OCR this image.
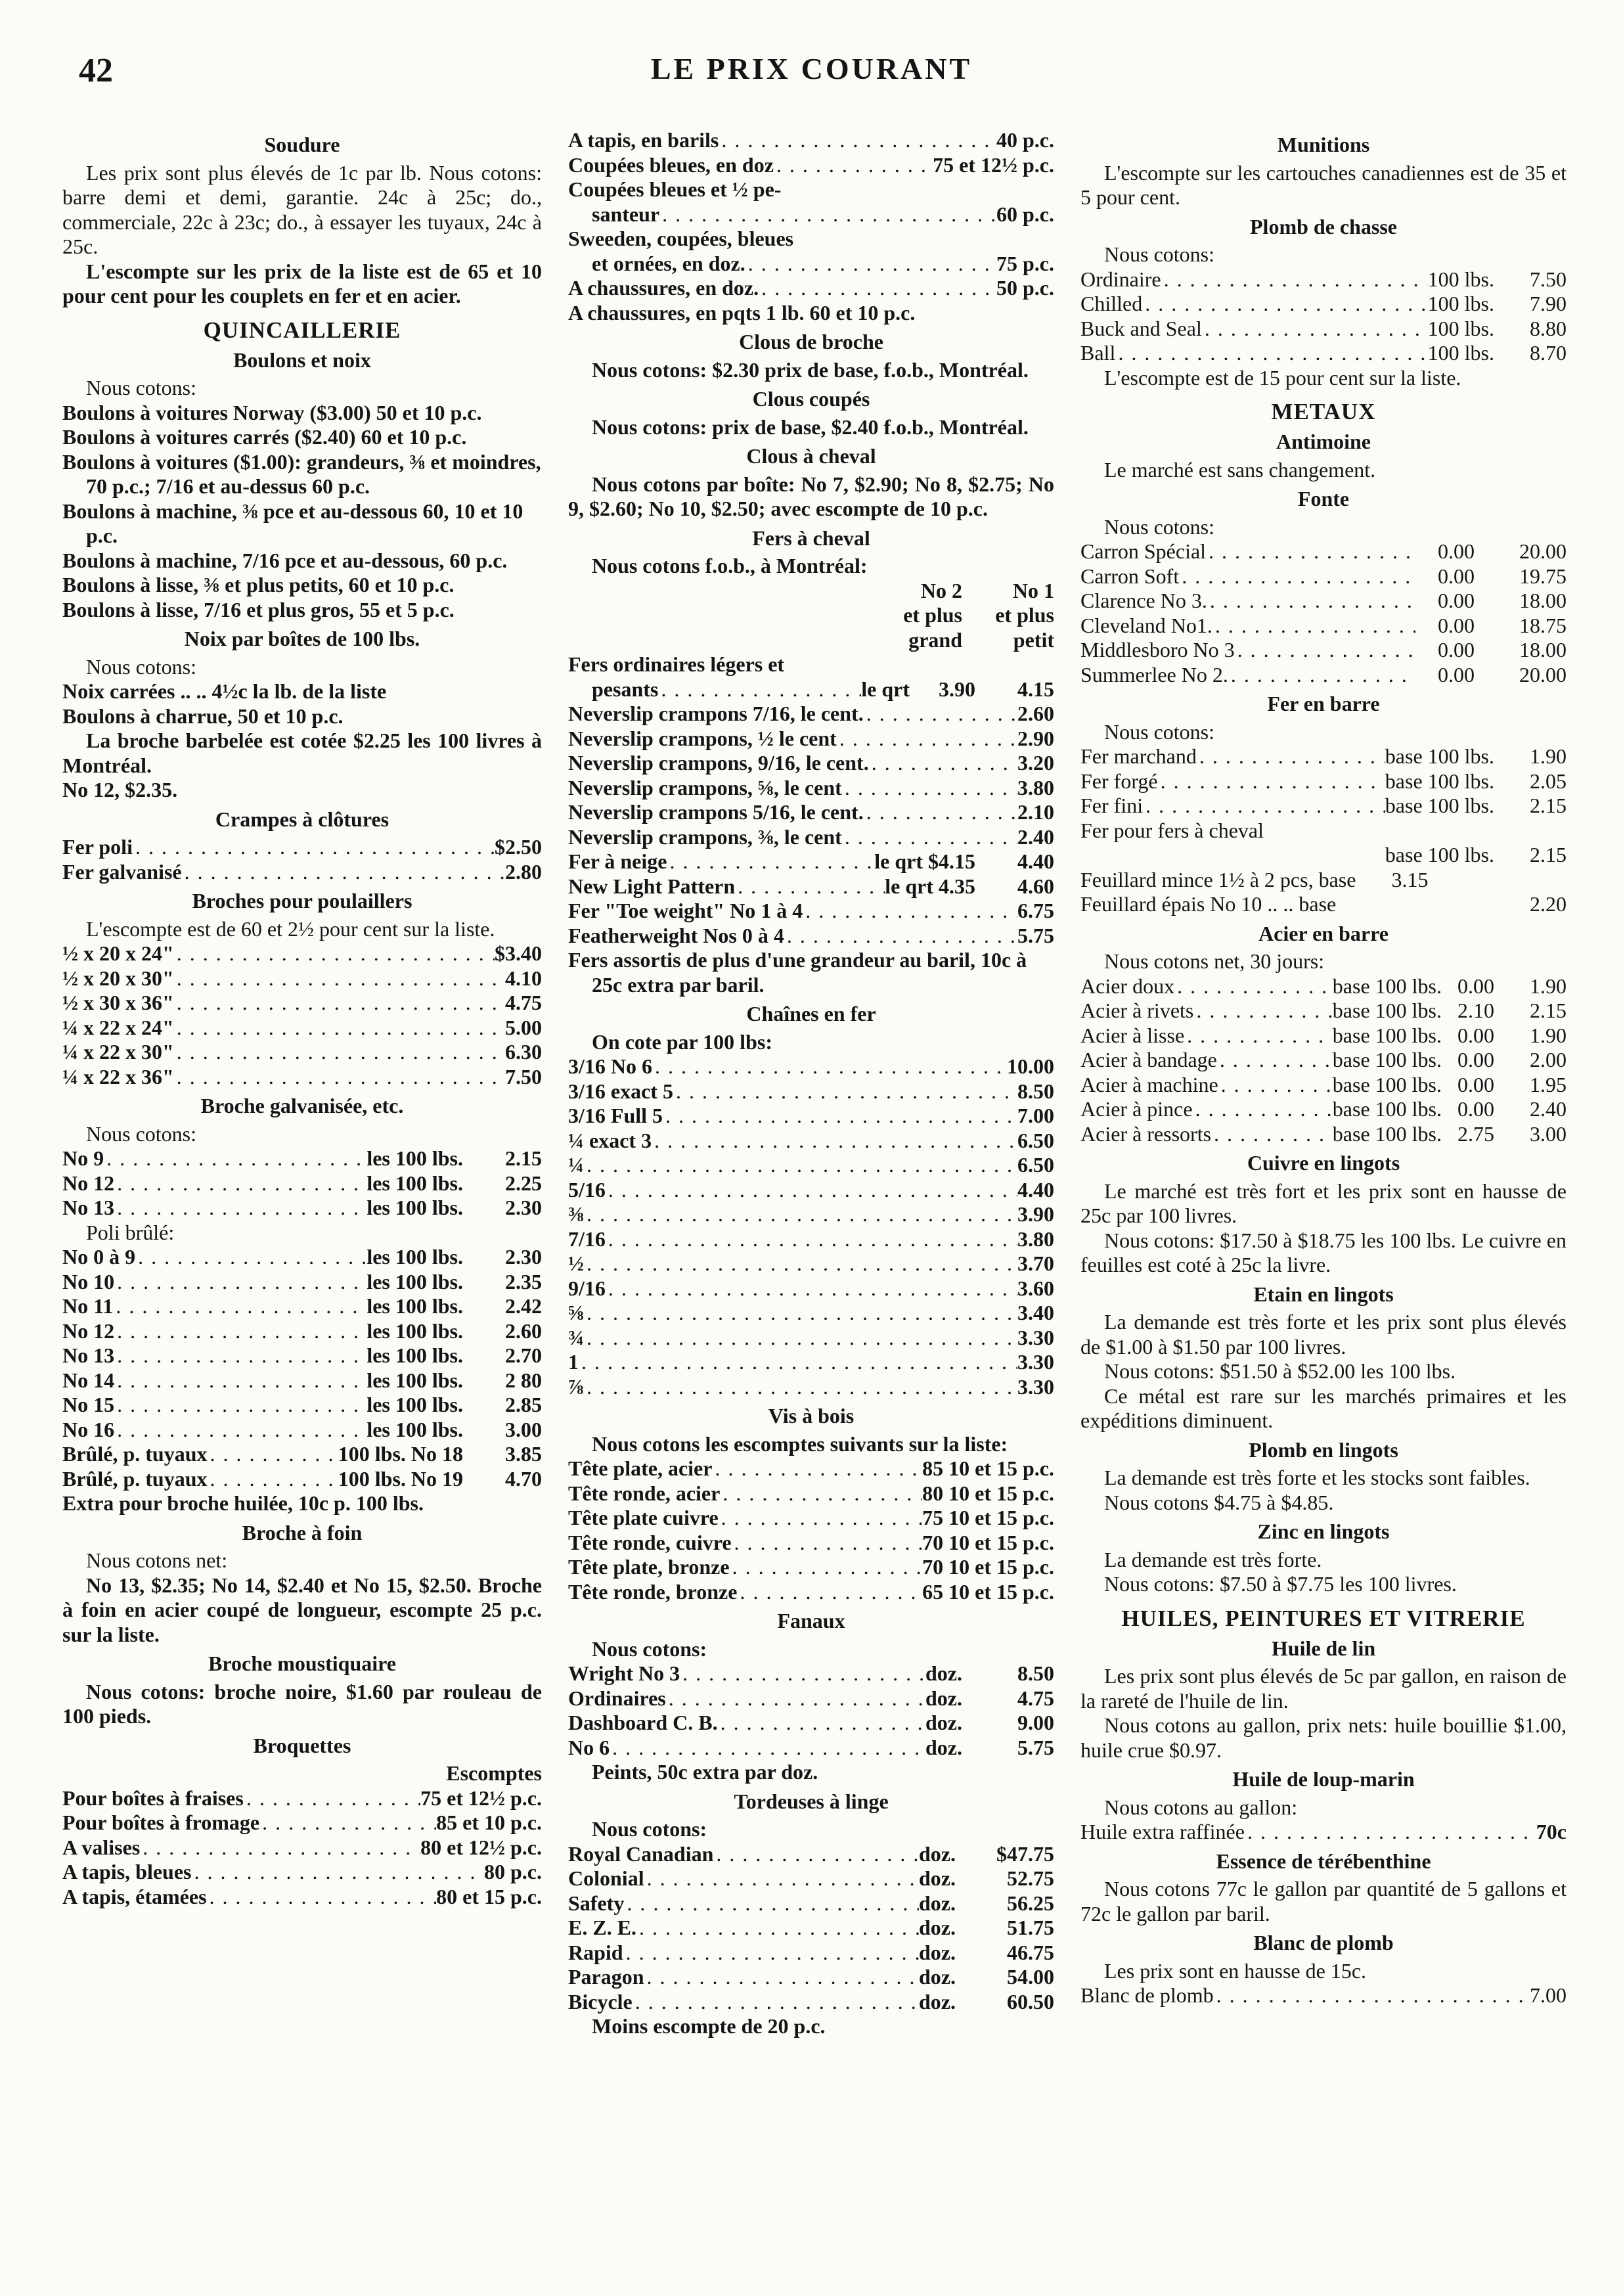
42	LE PRIX COURANT
Soudure
Les prix sont plus élevés de 1c par lb. Nous cotons: barre demi et demi, garantie. 24c à 25c; do., commerciale, 22c à 23c; do., à essayer les tuyaux, 24c à 25c.
L'escompte sur les prix de la liste est de 65 et 10 pour cent pour les couplets en fer et en acier.
QUINCAILLERIE
Boulons et noix
Nous cotons:
Boulons à voitures Norway ($3.00) 50 et 10 p.c.
Boulons à voitures carrés ($2.40) 60 et 10 p.c.
Boulons à voitures ($1.00): grandeurs, ⅜ et moindres, 70 p.c.; 7/16 et au-dessus 60 p.c.
Boulons à machine, ⅜ pce et au-dessous 60, 10 et 10 p.c.
Boulons à machine, 7/16 pce et au-dessous, 60 p.c.
Boulons à lisse, ⅜ et plus petits, 60 et 10 p.c.
Boulons à lisse, 7/16 et plus gros, 55 et 5 p.c.
Noix par boîtes de 100 lbs.
Nous cotons:
Noix carrées .. .. 4½c la lb. de la liste
Boulons à charrue, 50 et 10 p.c.
La broche barbelée est cotée $2.25 les 100 livres à Montréal.
No 12, $2.35.
Crampes à clôtures
Fer poli . . .	$2.50
Fer galvanisé . . .	2.80
Broches pour poulaillers
L'escompte est de 60 et 2½ pour cent sur la liste.
½ x 20 x 24" . . .	$3.40
½ x 20 x 30" . . .	4.10
½ x 30 x 36" . . .	4.75
¼ x 22 x 24" . . .	5.00
¼ x 22 x 30" . . .	6.30
¼ x 22 x 36" . . .	7.50
Broche galvanisée, etc.
Nous cotons:
No 9 . . .	les 100 lbs.	2.15
No 12 . . .	les 100 lbs.	2.25
No 13 . . .	les 100 lbs.	2.30
Poli brûlé:
No 0 à 9 . . .	les 100 lbs.	2.30
No 10 . . .	les 100 lbs.	2.35
No 11 . . .	les 100 lbs.	2.42
No 12 . . .	les 100 lbs.	2.60
No 13 . . .	les 100 lbs.	2.70
No 14 . . .	les 100 lbs.	2 80
No 15 . . .	les 100 lbs.	2.85
No 16 . . .	les 100 lbs.	3.00
Brûlé, p. tuyaux . . .	100 lbs. No 18	3.85
Brûlé, p. tuyaux . . .	100 lbs. No 19	4.70
Extra pour broche huilée, 10c p. 100 lbs.
Broche à foin
Nous cotons net:
No 13, $2.35; No 14, $2.40 et No 15, $2.50. Broche à foin en acier coupé de longueur, escompte 25 p.c. sur la liste.
Broche moustiquaire
Nous cotons: broche noire, $1.60 par rouleau de 100 pieds.
Broquettes
Escomptes
Pour boîtes à fraises . . .	75 et 12½ p.c.
Pour boîtes à fromage . . .	85 et 10 p.c.
A valises . . .	80 et 12½ p.c.
A tapis, bleues . . .	80 p.c.
A tapis, étamées . . .	80 et 15 p.c.
A tapis, en barils . . .	40 p.c.
Coupées bleues, en doz . . .	75 et 12½ p.c.
Coupées bleues et ½ pe-
santeur . . .	60 p.c.
Sweeden, coupées, bleues
et ornées, en doz. . . .	75 p.c.
A chaussures, en doz. . . .	50 p.c.
A chaussures, en pqts 1 lb. 60 et 10 p.c.
Clous de broche
Nous cotons: $2.30 prix de base, f.o.b., Montréal.
Clous coupés
Nous cotons: prix de base, $2.40 f.o.b., Montréal.
Clous à cheval
Nous cotons par boîte: No 7, $2.90; No 8, $2.75; No 9, $2.60; No 10, $2.50; avec escompte de 10 p.c.
Fers à cheval
Nous cotons f.o.b., à Montréal:
No 2	No 1
et plus	et plus
grand	petit
Fers ordinaires légers et
pesants . . .	le qrt	3.90	4.15
Neverslip crampons 7/16, le cent. . . .	2.60
Neverslip crampons, ½ le cent . . .	2.90
Neverslip crampons, 9/16, le cent. . . .	3.20
Neverslip crampons, ⅝, le cent . . .	3.80
Neverslip crampons 5/16, le cent. . . .	2.10
Neverslip crampons, ⅜, le cent . . .	2.40
Fer à neige . . .	le qrt $4.15	4.40
New Light Pattern . . .	le qrt 4.35	4.60
Fer "Toe weight" No 1 à 4 . . .	6.75
Featherweight Nos 0 à 4 . . .	5.75
Fers assortis de plus d'une grandeur au baril, 10c à 25c extra par baril.
Chaînes en fer
On cote par 100 lbs:
3/16 No 6 . . .	10.00
3/16 exact 5 . . .	8.50
3/16 Full 5 . . .	7.00
¼ exact 3 . . .	6.50
¼ . . .	6.50
5/16 . . .	4.40
⅜ . . .	3.90
7/16 . . .	3.80
½ . . .	3.70
9/16 . . .	3.60
⅝ . . .	3.40
¾ . . .	3.30
1 . . .	3.30
⅞ . . .	3.30
Vis à bois
Nous cotons les escomptes suivants sur la liste:
Tête plate, acier . . .	85 10 et 15 p.c.
Tête ronde, acier . . .	80 10 et 15 p.c.
Tête plate cuivre . . .	75 10 et 15 p.c.
Tête ronde, cuivre . . .	70 10 et 15 p.c.
Tête plate, bronze . . .	70 10 et 15 p.c.
Tête ronde, bronze . . .	65 10 et 15 p.c.
Fanaux
Nous cotons:
Wright No 3 . . .	doz.	8.50
Ordinaires . . .	doz.	4.75
Dashboard C. B. . . .	doz.	9.00
No 6 . . .	doz.	5.75
Peints, 50c extra par doz.
Tordeuses à linge
Nous cotons:
Royal Canadian . . .	doz.	$47.75
Colonial . . .	doz.	52.75
Safety . . .	doz.	56.25
E. Z. E. . . .	doz.	51.75
Rapid . . .	doz.	46.75
Paragon . . .	doz.	54.00
Bicycle . . .	doz.	60.50
Moins escompte de 20 p.c.
Munitions
L'escompte sur les cartouches canadiennes est de 35 et 5 pour cent.
Plomb de chasse
Nous cotons:
Ordinaire . . .	100 lbs.	7.50
Chilled . . .	100 lbs.	7.90
Buck and Seal . . .	100 lbs.	8.80
Ball . . .	100 lbs.	8.70
L'escompte est de 15 pour cent sur la liste.
METAUX
Antimoine
Le marché est sans changement.
Fonte
Nous cotons:
Carron Spécial . . .	0.00	20.00
Carron Soft . . .	0.00	19.75
Clarence No 3. . . .	0.00	18.00
Cleveland No1. . . .	0.00	18.75
Middlesboro No 3 . . .	0.00	18.00
Summerlee No 2. . . .	0.00	20.00
Fer en barre
Nous cotons:
Fer marchand . . .	base 100 lbs.	1.90
Fer forgé . . .	base 100 lbs.	2.05
Fer fini . . .	base 100 lbs.	2.15
Fer pour fers à cheval
base 100 lbs.	2.15
Feuillard mince 1½ à 2 pcs, base	3.15
Feuillard épais No 10 .. .. base	2.20
Acier en barre
Nous cotons net, 30 jours:
Acier doux . . .	base 100 lbs. 0.00	1.90
Acier à rivets . . .	base 100 lbs. 2.10	2.15
Acier à lisse . . .	base 100 lbs. 0.00	1.90
Acier à bandage . . .	base 100 lbs. 0.00	2.00
Acier à machine . . .	base 100 lbs. 0.00	1.95
Acier à pince . . .	base 100 lbs. 0.00	2.40
Acier à ressorts . . .	base 100 lbs. 2.75	3.00
Cuivre en lingots
Le marché est très fort et les prix sont en hausse de 25c par 100 livres.
Nous cotons: $17.50 à $18.75 les 100 lbs. Le cuivre en feuilles est coté à 25c la livre.
Etain en lingots
La demande est très forte et les prix sont plus élevés de $1.00 à $1.50 par 100 livres.
Nous cotons: $51.50 à $52.00 les 100 lbs.
Ce métal est rare sur les marchés primaires et les expéditions diminuent.
Plomb en lingots
La demande est très forte et les stocks sont faibles.
Nous cotons $4.75 à $4.85.
Zinc en lingots
La demande est très forte.
Nous cotons: $7.50 à $7.75 les 100 livres.
HUILES, PEINTURES ET VITRERIE
Huile de lin
Les prix sont plus élevés de 5c par gallon, en raison de la rareté de l'huile de lin.
Nous cotons au gallon, prix nets: huile bouillie $1.00, huile crue $0.97.
Huile de loup-marin
Nous cotons au gallon:
Huile extra raffinée . . .	70c
Essence de térébenthine
Nous cotons 77c le gallon par quantité de 5 gallons et 72c le gallon par baril.
Blanc de plomb
Les prix sont en hausse de 15c.
Blanc de plomb . . .	7.00
